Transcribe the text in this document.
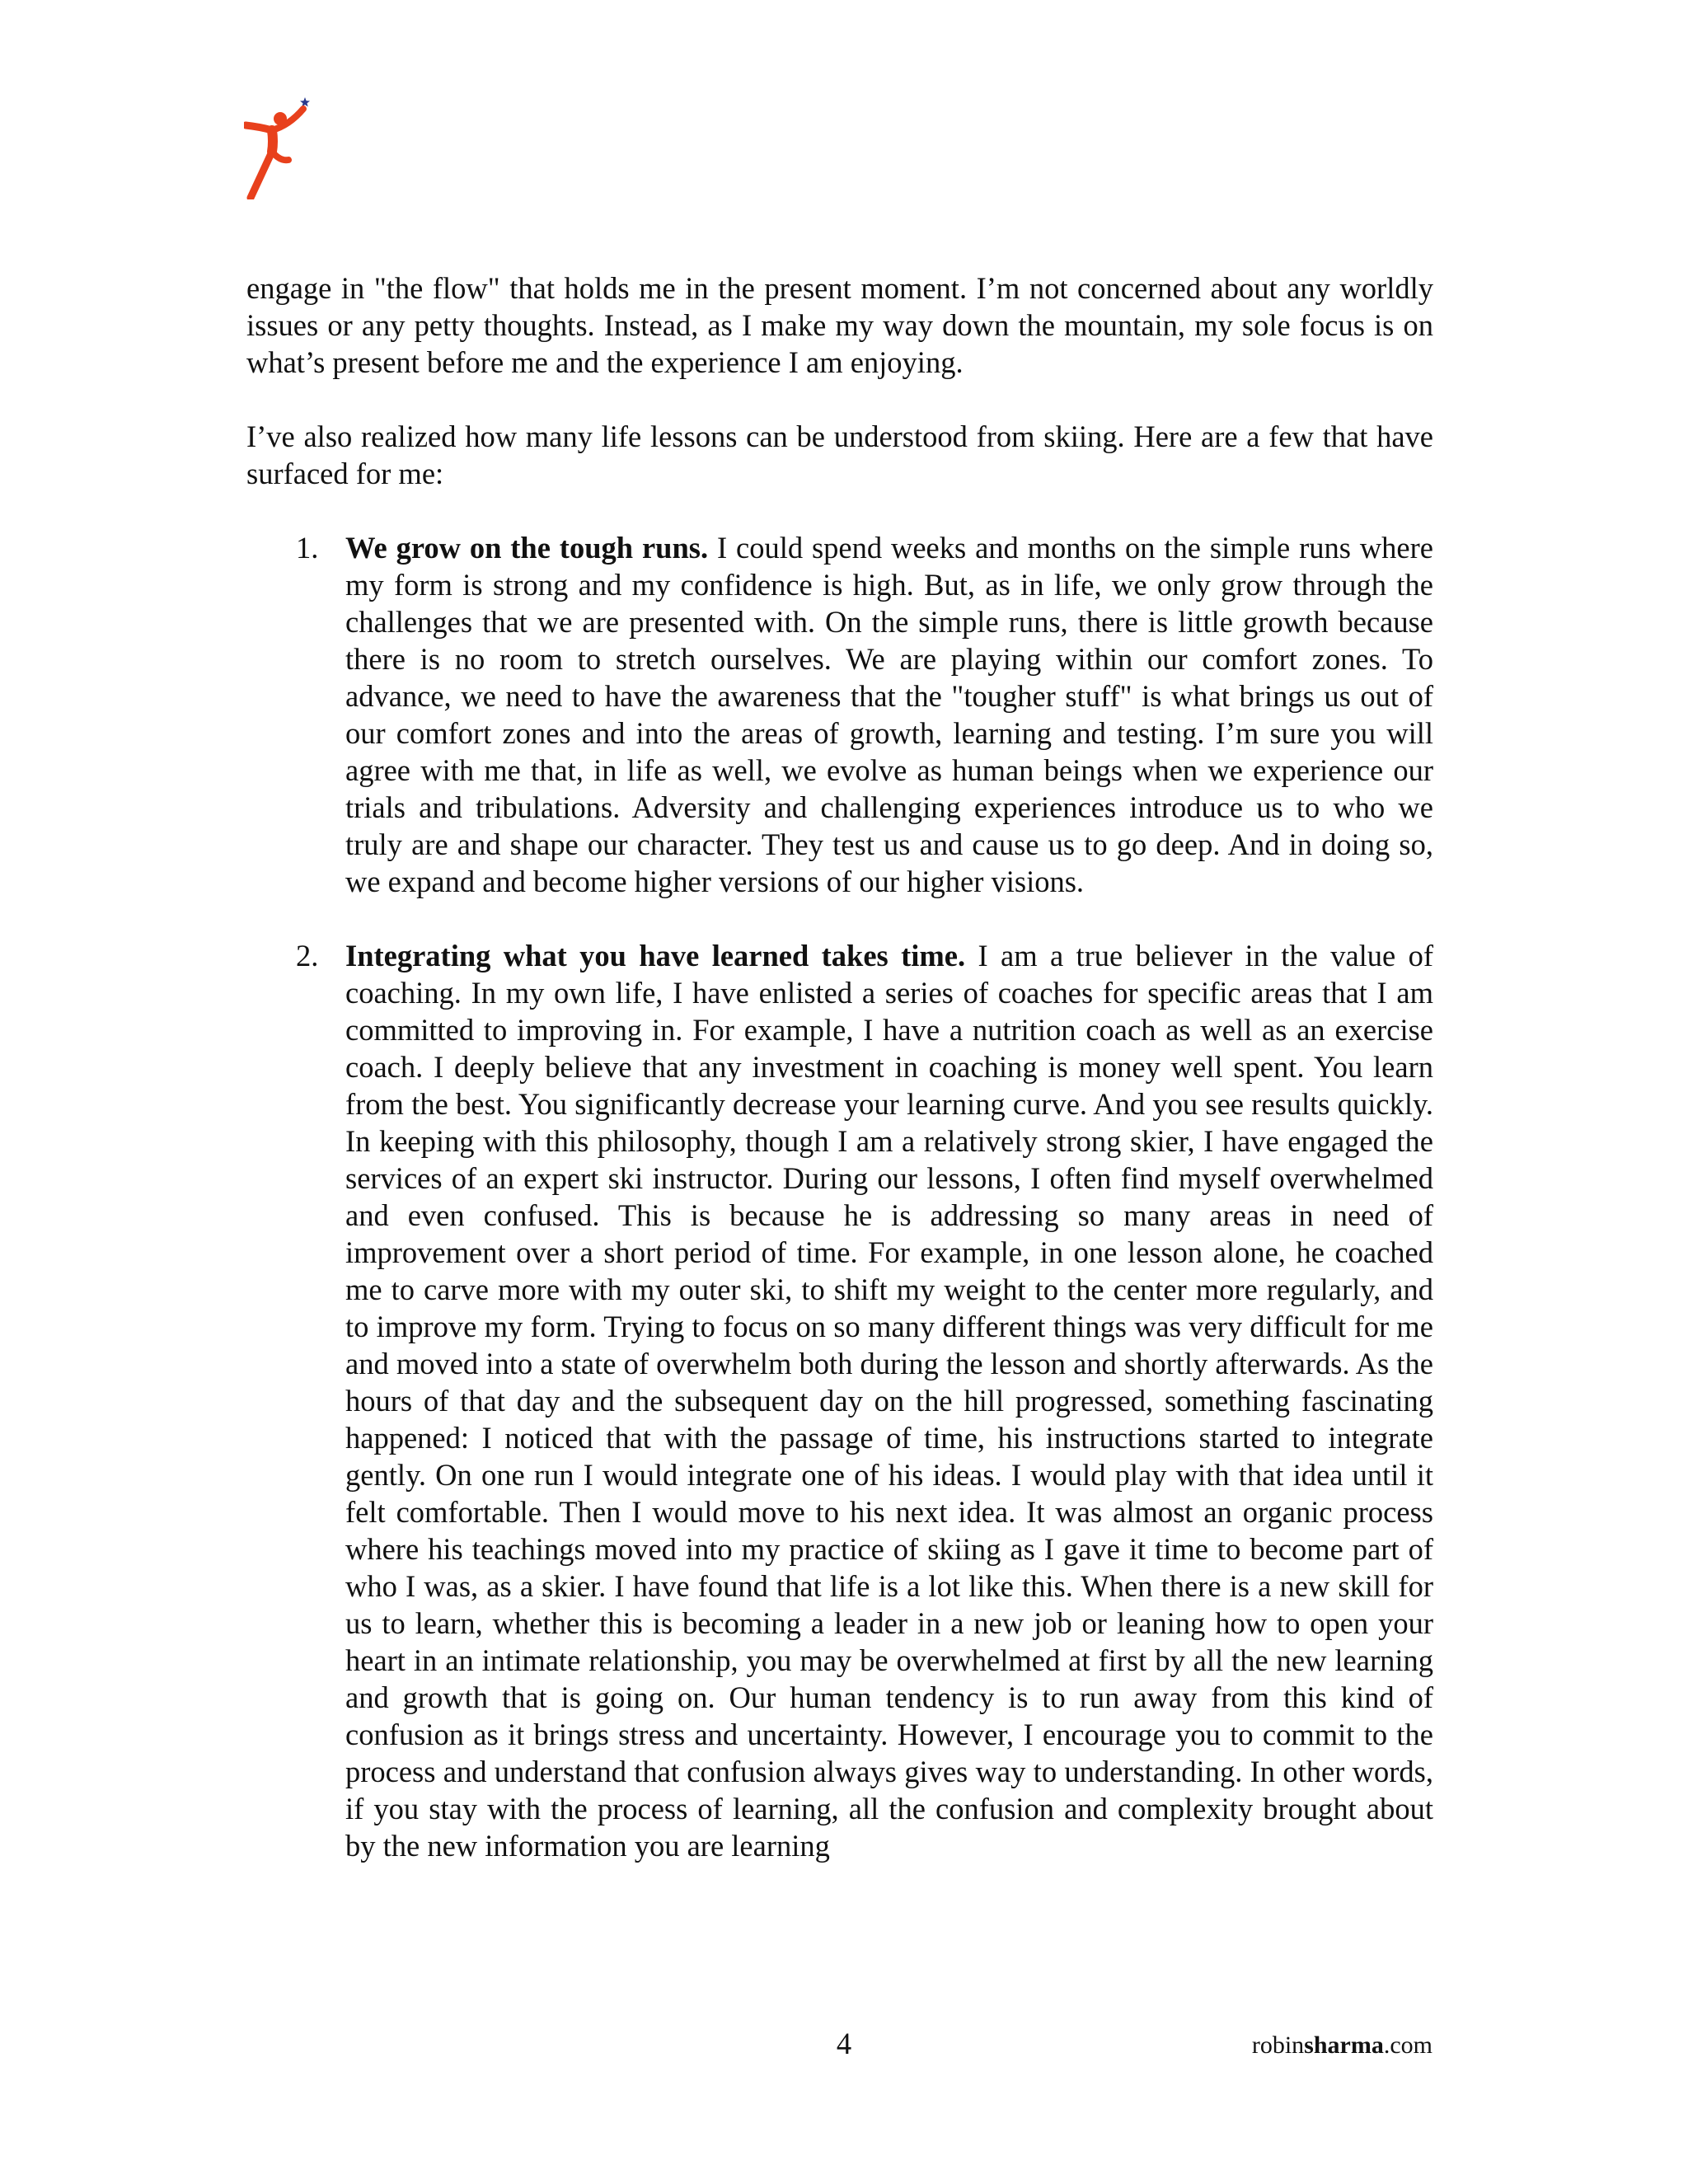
engage in "the flow" that holds me in the present moment. I’m not concerned about any worldly issues or any petty thoughts. Instead, as I make my way down the mountain, my sole focus is on what’s present before me and the experience I am enjoying.

I’ve also realized how many life lessons can be understood from skiing. Here are a few that have surfaced for me:

1. We grow on the tough runs. I could spend weeks and months on the simple runs where my form is strong and my confidence is high. But, as in life, we only grow through the challenges that we are presented with. On the simple runs, there is little growth because there is no room to stretch ourselves. We are playing within our comfort zones. To advance, we need to have the awareness that the "tougher stuff" is what brings us out of our comfort zones and into the areas of growth, learning and testing. I’m sure you will agree with me that, in life as well, we evolve as human beings when we experience our trials and tribulations. Adversity and challenging experiences introduce us to who we truly are and shape our character. They test us and cause us to go deep. And in doing so, we expand and become higher versions of our higher visions.
2. Integrating what you have learned takes time. I am a true believer in the value of coaching. In my own life, I have enlisted a series of coaches for specific areas that I am committed to improving in. For example, I have a nutrition coach as well as an exercise coach. I deeply believe that any investment in coaching is money well spent. You learn from the best. You significantly decrease your learning curve. And you see results quickly. In keeping with this philosophy, though I am a relatively strong skier, I have engaged the services of an expert ski instructor. During our lessons, I often find myself overwhelmed and even confused. This is because he is addressing so many areas in need of improvement over a short period of time. For example, in one lesson alone, he coached me to carve more with my outer ski, to shift my weight to the center more regularly, and to improve my form. Trying to focus on so many different things was very difficult for me and moved into a state of overwhelm both during the lesson and shortly afterwards. As the hours of that day and the subsequent day on the hill progressed, something fascinating happened: I noticed that with the passage of time, his instructions started to integrate gently. On one run I would integrate one of his ideas. I would play with that idea until it felt comfortable. Then I would move to his next idea. It was almost an organic process where his teachings moved into my practice of skiing as I gave it time to become part of who I was, as a skier. I have found that life is a lot like this. When there is a new skill for us to learn, whether this is becoming a leader in a new job or leaning how to open your heart in an intimate relationship, you may be overwhelmed at first by all the new learning and growth that is going on. Our human tendency is to run away from this kind of confusion as it brings stress and uncertainty. However, I encourage you to commit to the process and understand that confusion always gives way to understanding. In other words, if you stay with the process of learning, all the confusion and complexity brought about by the new information you are learning
4	robinsharma.com
